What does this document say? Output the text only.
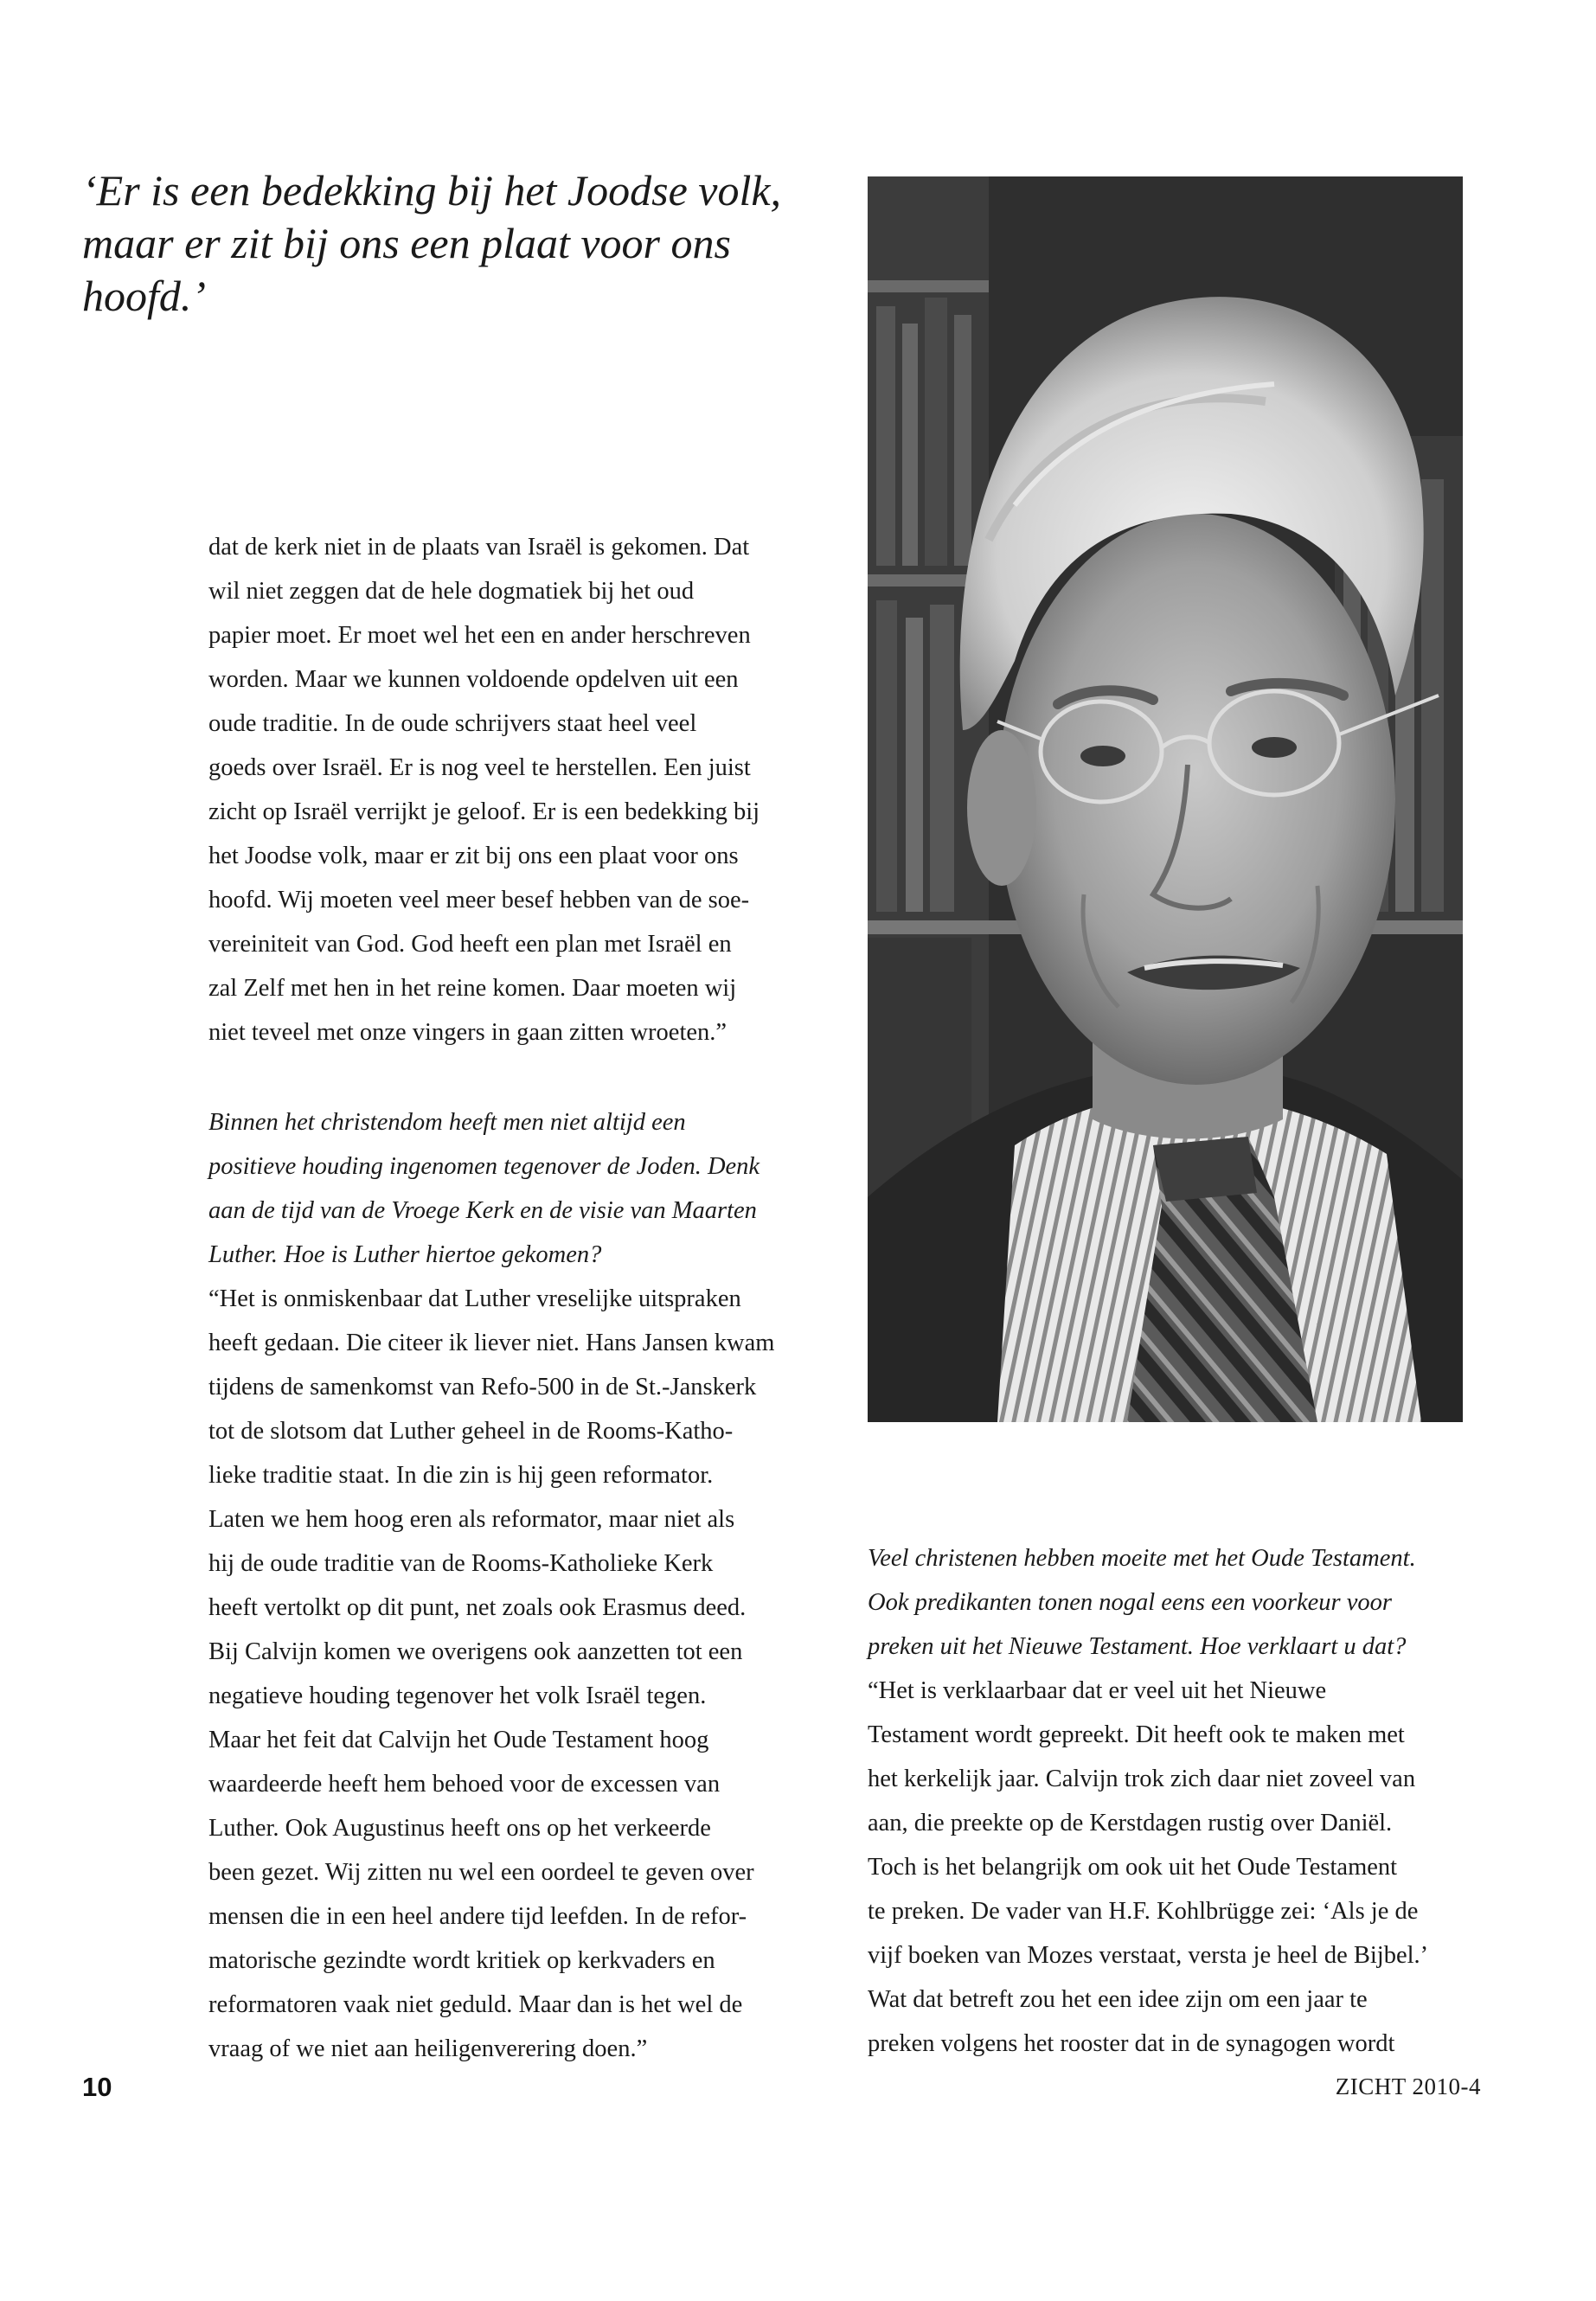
‘Er is een bedekking bij het Joodse volk,
maar er zit bij ons een plaat voor ons
hoofd.’

dat de kerk niet in de plaats van Israël is gekomen. Dat

wil niet zeggen dat de hele dogmatiek bij het oud

papier moet. Er moet wel het een en ander herschreven

worden. Maar we kunnen voldoende opdelven uit een

oude traditie. In de oude schrijvers staat heel veel

goeds over Israël. Er is nog veel te herstellen. Een juist

zicht op Israël verrijkt je geloof. Er is een bedekking bij

het Joodse volk, maar er zit bij ons een plaat voor ons

hoofd. Wij moeten veel meer besef hebben van de soe-

vereiniteit van God. God heeft een plan met Israël en

zal Zelf met hen in het reine komen. Daar moeten wij

niet teveel met onze vingers in gaan zitten wroeten.”

Binnen het christendom heeft men niet altijd een

positieve houding ingenomen tegenover de Joden. Denk

aan de tijd van de Vroege Kerk en de visie van Maarten

Luther. Hoe is Luther hiertoe gekomen?

“Het is onmiskenbaar dat Luther vreselijke uitspraken

heeft gedaan. Die citeer ik liever niet. Hans Jansen kwam

tijdens de samenkomst van Refo-500 in de St.-Janskerk

tot de slotsom dat Luther geheel in de Rooms-Katho-

lieke traditie staat. In die zin is hij geen reformator.

Laten we hem hoog eren als reformator, maar niet als

hij de oude traditie van de Rooms-Katholieke Kerk

heeft vertolkt op dit punt, net zoals ook Erasmus deed.

Bij Calvijn komen we overigens ook aanzetten tot een

negatieve houding tegenover het volk Israël tegen.

Maar het feit dat Calvijn het Oude Testament hoog

waardeerde heeft hem behoed voor de excessen van

Luther. Ook Augustinus heeft ons op het verkeerde

been gezet. Wij zitten nu wel een oordeel te geven over

mensen die in een heel andere tijd leefden. In de refor-

matorische gezindte wordt kritiek op kerkvaders en

reformatoren vaak niet geduld. Maar dan is het wel de

vraag of we niet aan heiligenverering doen.”

Veel christenen hebben moeite met het Oude Testament.

Ook predikanten tonen nogal eens een voorkeur voor

preken uit het Nieuwe Testament. Hoe verklaart u dat?

“Het is verklaarbaar dat er veel uit het Nieuwe

Testament wordt gepreekt. Dit heeft ook te maken met

het kerkelijk jaar. Calvijn trok zich daar niet zoveel van

aan, die preekte op de Kerstdagen rustig over Daniël.

Toch is het belangrijk om ook uit het Oude Testament

te preken. De vader van H.F. Kohlbrügge zei: ‘Als je de

vijf boeken van Mozes verstaat, versta je heel de Bijbel.’

Wat dat betreft zou het een idee zijn om een jaar te

preken volgens het rooster dat in de synagogen wordt

10	ZICHT 2010-4
